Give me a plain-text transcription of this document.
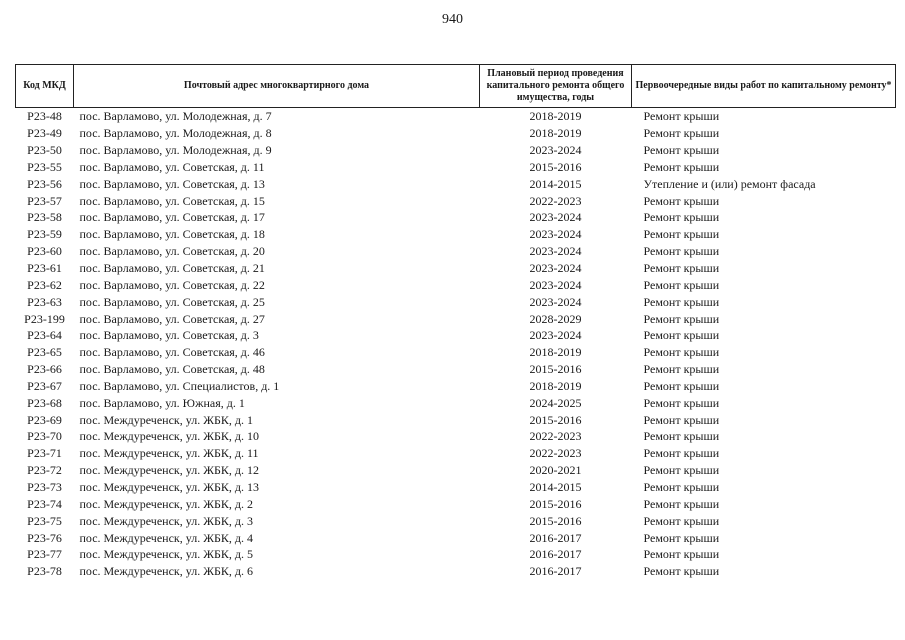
940
Код МКД	Почтовый адрес многоквартирного дома	Плановый период проведения капитального ремонта общего имущества, годы	Первоочередные виды работ по капитальному ремонту*
Р23-48	пос. Варламово, ул. Молодежная, д. 7	2018-2019	Ремонт крыши
Р23-49	пос. Варламово, ул. Молодежная, д. 8	2018-2019	Ремонт крыши
Р23-50	пос. Варламово, ул. Молодежная, д. 9	2023-2024	Ремонт крыши
Р23-55	пос. Варламово, ул. Советская, д. 11	2015-2016	Ремонт крыши
Р23-56	пос. Варламово, ул. Советская, д. 13	2014-2015	Утепление и (или) ремонт фасада
Р23-57	пос. Варламово, ул. Советская, д. 15	2022-2023	Ремонт крыши
Р23-58	пос. Варламово, ул. Советская, д. 17	2023-2024	Ремонт крыши
Р23-59	пос. Варламово, ул. Советская, д. 18	2023-2024	Ремонт крыши
Р23-60	пос. Варламово, ул. Советская, д. 20	2023-2024	Ремонт крыши
Р23-61	пос. Варламово, ул. Советская, д. 21	2023-2024	Ремонт крыши
Р23-62	пос. Варламово, ул. Советская, д. 22	2023-2024	Ремонт крыши
Р23-63	пос. Варламово, ул. Советская, д. 25	2023-2024	Ремонт крыши
Р23-199	пос. Варламово, ул. Советская, д. 27	2028-2029	Ремонт крыши
Р23-64	пос. Варламово, ул. Советская, д. 3	2023-2024	Ремонт крыши
Р23-65	пос. Варламово, ул. Советская, д. 46	2018-2019	Ремонт крыши
Р23-66	пос. Варламово, ул. Советская, д. 48	2015-2016	Ремонт крыши
Р23-67	пос. Варламово, ул. Специалистов, д. 1	2018-2019	Ремонт крыши
Р23-68	пос. Варламово, ул. Южная, д. 1	2024-2025	Ремонт крыши
Р23-69	пос. Междуреченск, ул. ЖБК, д. 1	2015-2016	Ремонт крыши
Р23-70	пос. Междуреченск, ул. ЖБК, д. 10	2022-2023	Ремонт крыши
Р23-71	пос. Междуреченск, ул. ЖБК, д. 11	2022-2023	Ремонт крыши
Р23-72	пос. Междуреченск, ул. ЖБК, д. 12	2020-2021	Ремонт крыши
Р23-73	пос. Междуреченск, ул. ЖБК, д. 13	2014-2015	Ремонт крыши
Р23-74	пос. Междуреченск, ул. ЖБК, д. 2	2015-2016	Ремонт крыши
Р23-75	пос. Междуреченск, ул. ЖБК, д. 3	2015-2016	Ремонт крыши
Р23-76	пос. Междуреченск, ул. ЖБК, д. 4	2016-2017	Ремонт крыши
Р23-77	пос. Междуреченск, ул. ЖБК, д. 5	2016-2017	Ремонт крыши
Р23-78	пос. Междуреченск, ул. ЖБК, д. 6	2016-2017	Ремонт крыши
